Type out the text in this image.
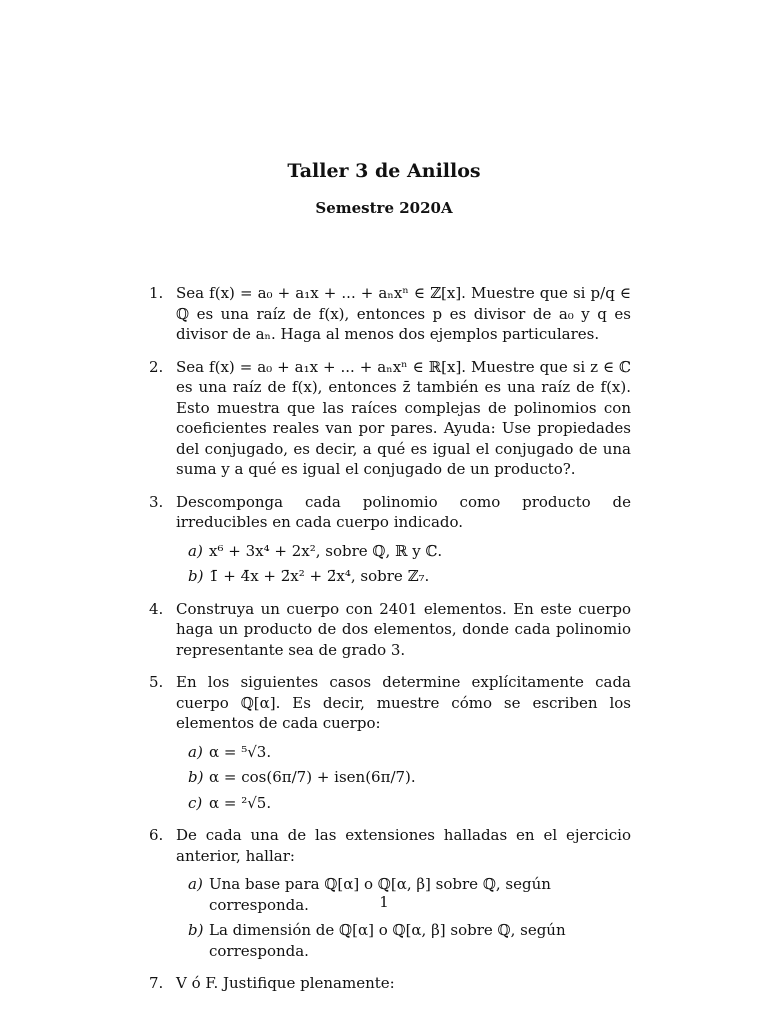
Taller 3 de Anillos
Semestre 2020A
1. Sea f(x) = a₀ + a₁x + ... + aₙxⁿ ∈ ℤ[x]. Muestre que si p/q ∈ ℚ es una raíz de f(x), entonces p es divisor de a₀ y q es divisor de aₙ. Haga al menos dos ejemplos particulares.
2. Sea f(x) = a₀ + a₁x + ... + aₙxⁿ ∈ ℝ[x]. Muestre que si z ∈ ℂ es una raíz de f(x), entonces z̄ también es una raíz de f(x). Esto muestra que las raíces complejas de polinomios con coeficientes reales van por pares. Ayuda: Use propiedades del conjugado, es decir, a qué es igual el conjugado de una suma y a qué es igual el conjugado de un producto?.
3. Descomponga cada polinomio como producto de irreducibles en cada cuerpo indicado.
a) x⁶ + 3x⁴ + 2x², sobre ℚ, ℝ y ℂ.
b) 1̄ + 4̄x + 2̄x² + 2̄x⁴, sobre ℤ₇.
4. Construya un cuerpo con 2401 elementos. En este cuerpo haga un producto de dos elementos, donde cada polinomio representante sea de grado 3.
5. En los siguientes casos determine explícitamente cada cuerpo ℚ[α]. Es decir, muestre cómo se escriben los elementos de cada cuerpo:
a) α = ⁵√3.
b) α = cos(6π/7) + isen(6π/7).
c) α = ²√5.
6. De cada una de las extensiones halladas en el ejercicio anterior, hallar:
a) Una base para ℚ[α] o ℚ[α, β] sobre ℚ, según corresponda.
b) La dimensión de ℚ[α] o ℚ[α, β] sobre ℚ, según corresponda.
7. V ó F. Justifique plenamente:
1
